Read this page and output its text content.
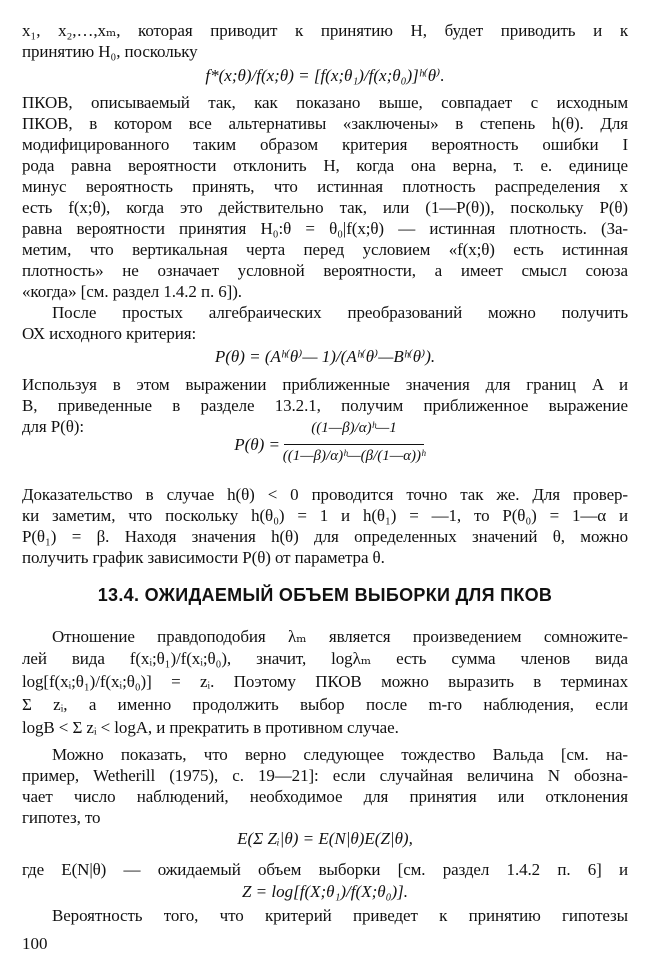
x₁, x₂,…,xₘ, которая приводит к принятию H, будет приводить и к
принятию H₀, поскольку
f*(x;θ)/f(x;θ) = [f(x;θ₁)/f(x;θ₀)]ʰ⁽θ⁾.
ПКОВ, описываемый так, как показано выше, совпадает с исходным
ПКОВ, в котором все альтернативы «заключены» в степень h(θ). Для
модифицированного таким образом критерия вероятность ошибки I
рода равна вероятности отклонить H, когда она верна, т. е. единице
минус вероятность принять, что истинная плотность распределения x
есть f(x;θ), когда это действительно так, или (1—P(θ)), поскольку P(θ)
равна вероятности принятия H₀:θ = θ₀|f(x;θ) — истинная плотность. (За-
метим, что вертикальная черта перед условием «f(x;θ) есть истинная
плотность» не означает условной вероятности, а имеет смысл союза
«когда» [см. раздел 1.4.2 п. 6]).
После простых алгебраических преобразований можно получить
ОХ исходного критерия:
P(θ) = (Aʰ⁽θ⁾— 1)/(Aʰ⁽θ⁾—Bʰ⁽θ⁾).
Используя в этом выражении приближенные значения для границ A и
B, приведенные в разделе 13.2.1, получим приближенное выражение
для P(θ):
P(θ) =
((1—β)/α)ʰ—1
((1—β)/α)ʰ—(β/(1—α))ʰ
Доказательство в случае h(θ) < 0 проводится точно так же. Для провер-
ки заметим, что поскольку h(θ₀) = 1 и h(θ₁) = —1, то P(θ₀) = 1—α и
P(θ₁) = β. Находя значения h(θ) для определенных значений θ, можно
получить график зависимости P(θ) от параметра θ.
13.4. ОЖИДАЕМЫЙ ОБЪЕМ ВЫБОРКИ ДЛЯ ПКОВ
Отношение правдоподобия λₘ является произведением сомножите-
лей вида f(xᵢ;θ₁)/f(xᵢ;θ₀), значит, logλₘ есть сумма членов вида
log[f(xᵢ;θ₁)/f(xᵢ;θ₀)] = zᵢ. Поэтому ПКОВ можно выразить в терминах
Σ zᵢ, а именно продолжить выбор после m-го наблюдения, если
logB < Σ zᵢ < logA, и прекратить в противном случае.
Можно показать, что верно следующее тождество Вальда [см. на-
пример, Wetherill (1975), с. 19—21]: если случайная величина N обозна-
чает число наблюдений, необходимое для принятия или отклонения
гипотез, то
E(Σ Zᵢ|θ) = E(N|θ)E(Z|θ),
где E(N|θ) — ожидаемый объем выборки [см. раздел 1.4.2 п. 6] и
Z = log[f(X;θ₁)/f(X;θ₀)].
Вероятность того, что критерий приведет к принятию гипотезы
100
